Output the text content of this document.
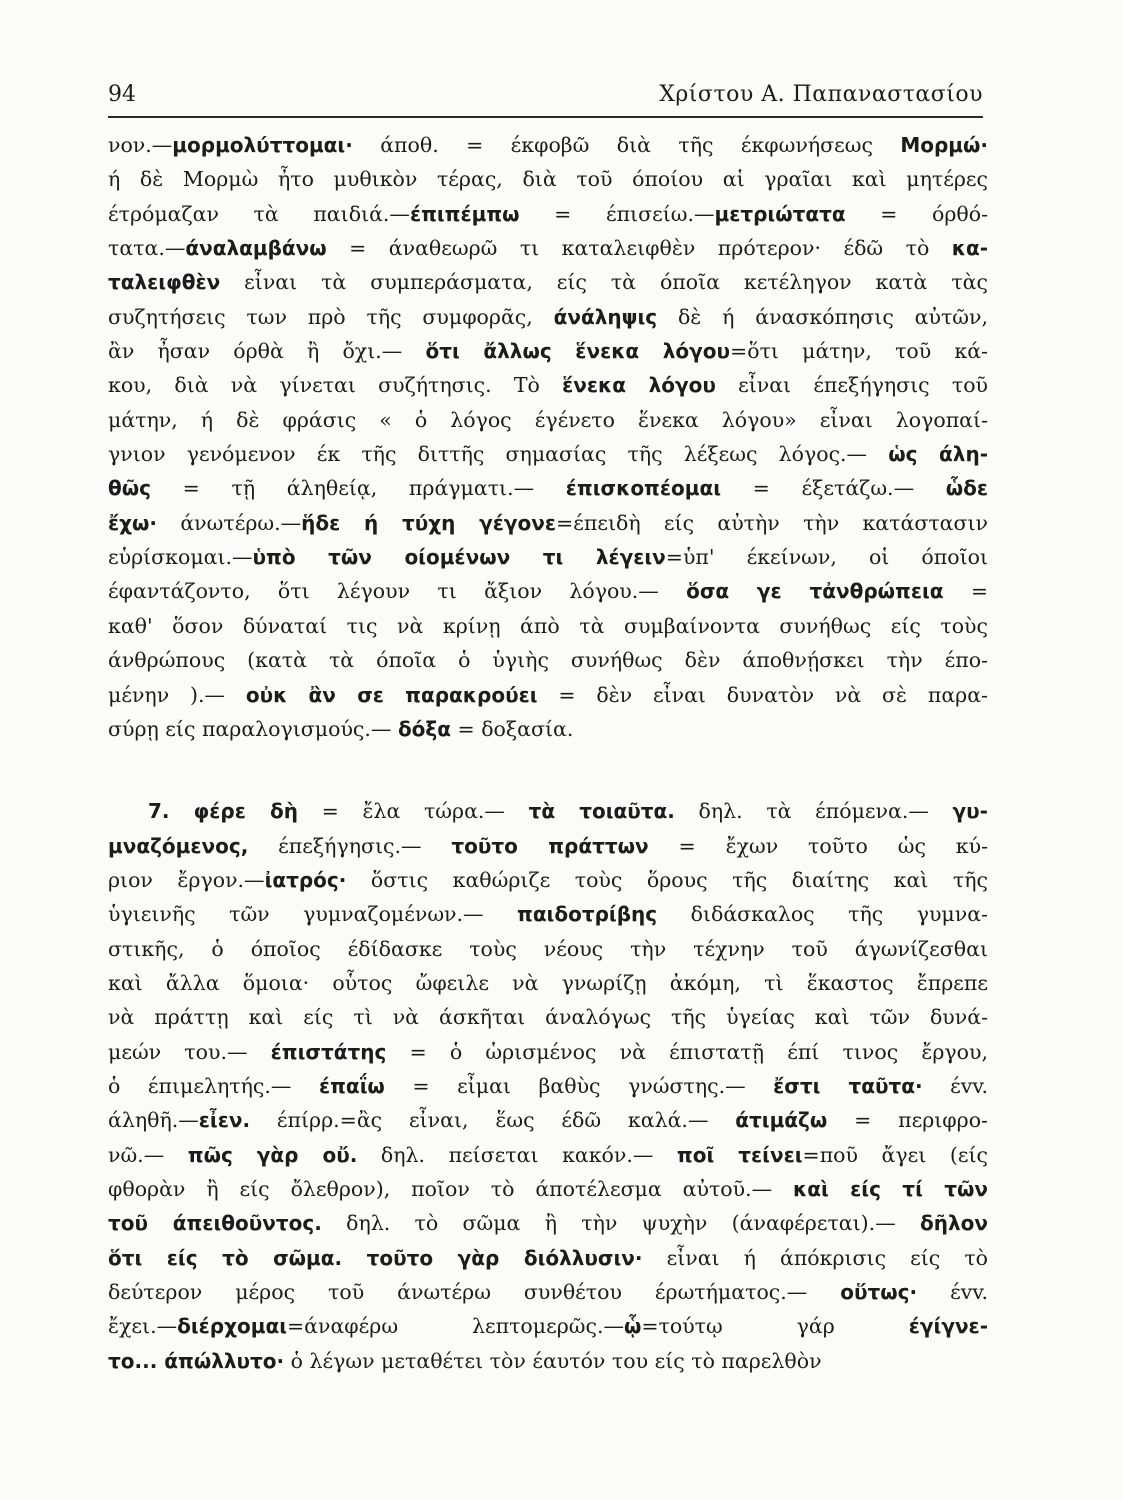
94	Χρίστου Α. Παπαναστασίου
νον.—μορμολύττομαι· άποθ. = έκφοβῶ διὰ τῆς έκφωνήσεως Μορμώ·
ή δὲ Μορμὼ ἦτο μυθικὸν τέρας, διὰ τοῦ όποίου αἱ γραῖαι καὶ μητέρες
έτρόμαζαν τὰ παιδιά.—έπιπέμπω = έπισείω.—μετριώτατα = όρθό-
τατα.—άναλαμβάνω = άναθεωρῶ τι καταλειφθὲν πρότερον· έδῶ τὸ κα-
ταλειφθὲν εἶναι τὰ συμπεράσματα, είς τὰ όποῖα κετέληγον κατὰ τὰς
συζητήσεις των πρὸ τῆς συμφορᾶς, άνάληψις δὲ ή άνασκόπησις αὐτῶν,
ἂν ἦσαν όρθὰ ἢ ὄχι.— ὅτι ἄλλως ἕνεκα λόγου=ὅτι μάτην, τοῦ κά-
κου, διὰ νὰ γίνεται συζήτησις. Τὸ ἕνεκα λόγου εἶναι έπεξήγησις τοῦ
μάτην, ή δὲ φράσις « ὁ λόγος έγένετο ἕνεκα λόγου» εἶναι λογοπαί-
γνιον γενόμενον έκ τῆς διττῆς σημασίας τῆς λέξεως λόγος.— ὡς άλη-
θῶς = τῇ άληθείᾳ, πράγματι.— έπισκοπέομαι = έξετάζω.— ὧδε
ἔχω· άνωτέρω.—ἥδε ή τύχη γέγονε=έπειδὴ είς αὐτὴν τὴν κατάστασιν
εὑρίσκομαι.—ὑπὸ τῶν οίομένων τι λέγειν=ὑπ' έκείνων, οἱ όποῖοι
έφαντάζοντο, ὅτι λέγουν τι ἄξιον λόγου.— ὅσα γε τἀνθρώπεια =
καθ' ὅσον δύναταί τις νὰ κρίνῃ άπὸ τὰ συμβαίνοντα συνήθως είς τοὺς
άνθρώπους (κατὰ τὰ όποῖα ὁ ὑγιὴς συνήθως δὲν άποθνῄσκει τὴν έπο-
μένην ).— οὐκ ἂν σε παρακρούει = δὲν εἶναι δυνατὸν νὰ σὲ παρα-
σύρῃ είς παραλογισμούς.— δόξα = δοξασία.
7. φέρε δὴ = ἔλα τώρα.— τὰ τοιαῦτα. δηλ. τὰ έπόμενα.— γυ-
μναζόμενος, έπεξήγησις.— τοῦτο πράττων = ἔχων τοῦτο ὡς κύ-
ριον ἔργον.—ἰατρός· ὅστις καθώριζε τοὺς ὅρους τῆς διαίτης καὶ τῆς
ὑγιεινῆς τῶν γυμναζομένων.— παιδοτρίβης διδάσκαλος τῆς γυμνα-
στικῆς, ὁ όποῖος έδίδασκε τοὺς νέους τὴν τέχνην τοῦ άγωνίζεσθαι
καὶ ἄλλα ὅμοια· οὗτος ὤφειλε νὰ γνωρίζῃ ἀκόμη, τὶ ἕκαστος ἔπρεπε
νὰ πράττῃ καὶ είς τὶ νὰ άσκῆται άναλόγως τῆς ὑγείας καὶ τῶν δυνά-
μεών του.— έπιστάτης = ὁ ὡρισμένος νὰ έπιστατῇ έπί τινος ἔργου,
ὁ έπιμελητής.— έπαΐω = εἶμαι βαθὺς γνώστης.— ἔστι ταῦτα· έvv.
άληθῆ.—εἶεν. έπίρρ.=ἂς εἶναι, ἕως έδῶ καλά.— άτιμάζω = περιφρο-
νῶ.— πῶς γὰρ οὔ. δηλ. πείσεται κακόν.— ποῖ τείνει=ποῦ ἄγει (είς
φθορὰν ἢ είς ὄλεθρον), ποῖον τὸ άποτέλεσμα αὐτοῦ.— καὶ είς τί τῶν
τοῦ άπειθοῦντος. δηλ. τὸ σῶμα ἢ τὴν ψυχὴν (άναφέρεται).— δῆλον
ὅτι είς τὸ σῶμα. τοῦτο γὰρ διόλλυσιν· εἶναι ή άπόκρισις είς τὸ
δεύτερον μέρος τοῦ άνωτέρω συνθέτου έρωτήματος.— οὕτως· έvv.
ἔχει.—διέρχομαι=άναφέρω λεπτομερῶς.—ᾧ=τούτῳ γάρ έγίγνε-
το... άπώλλυτο· ὁ λέγων μεταθέτει τὸν έαυτόν του είς τὸ παρελθὸν
